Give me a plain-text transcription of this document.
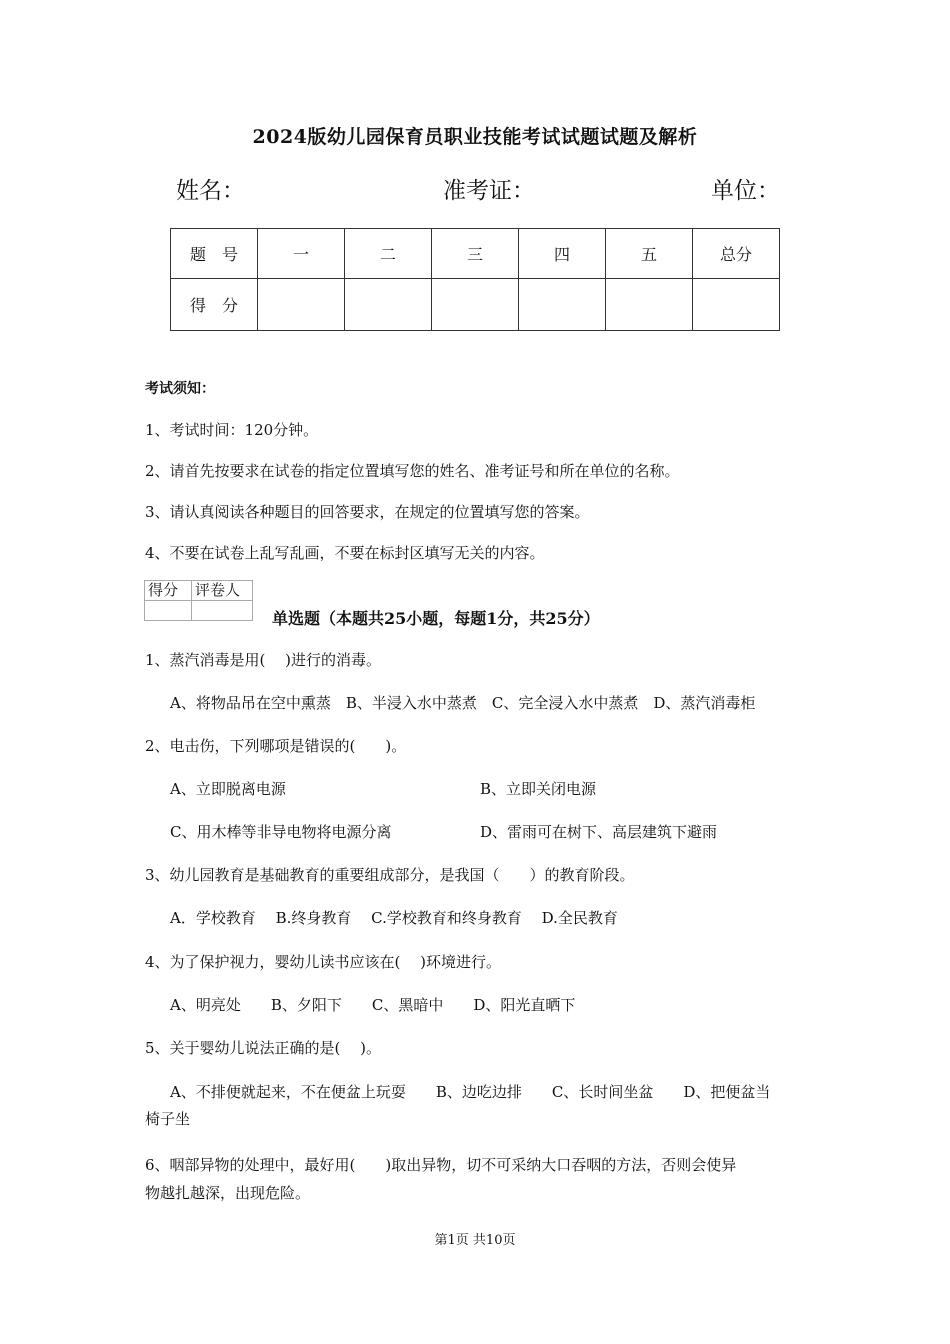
2024版幼儿园保育员职业技能考试试题试题及解析
姓名：	准考证：	单位：
题　号	一	二	三	四	五	总分
得　分						
考试须知：
1、考试时间：120分钟。
2、请首先按要求在试卷的指定位置填写您的姓名、准考证号和所在单位的名称。
3、请认真阅读各种题目的回答要求，在规定的位置填写您的答案。
4、不要在试卷上乱写乱画，不要在标封区填写无关的内容。
得分	评卷人

单选题（本题共25小题，每题1分，共25分）
1、蒸汽消毒是用(　 )进行的消毒。
A、将物品吊在空中熏蒸　B、半浸入水中蒸煮　C、完全浸入水中蒸煮　D、蒸汽消毒柜
2、电击伤，下列哪项是错误的(　　)。
A、立即脱离电源	B、立即关闭电源
C、用木棒等非导电物将电源分离	D、雷雨可在树下、高层建筑下避雨
3、幼儿园教育是基础教育的重要组成部分，是我国（　　）的教育阶段。
A．学校教育　 B.终身教育　 C.学校教育和终身教育　 D.全民教育
4、为了保护视力，婴幼儿读书应该在(　 )环境进行。
A、明亮处　　B、夕阳下　　C、黑暗中　　D、阳光直晒下
5、关于婴幼儿说法正确的是(　 )。
A、不排便就起来，不在便盆上玩耍　　B、边吃边排　　C、长时间坐盆　　D、把便盆当
椅子坐
6、咽部异物的处理中，最好用(　　)取出异物，切不可采纳大口吞咽的方法，否则会使异
物越扎越深，出现危险。
第1页 共10页
